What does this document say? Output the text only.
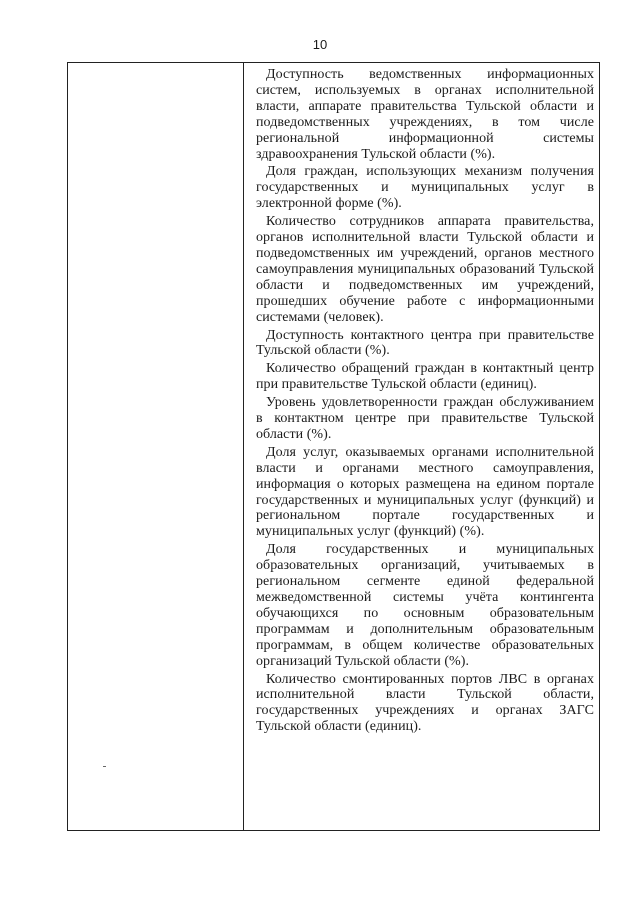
10

Доступность ведомственных информационных систем, используемых в органах исполнительной власти, аппарате правительства Тульской области и подведомственных учреждениях, в том числе региональной информационной системы здравоохранения Тульской области (%).

Доля граждан, использующих механизм получения государственных и муниципальных услуг в электронной форме (%).

Количество сотрудников аппарата правительства, органов исполнительной власти Тульской области и подведомственных им учреждений, органов местного самоуправления муниципальных образований Тульской области и подведомственных им учреждений, прошедших обучение работе с информационными системами (человек).

Доступность контактного центра при правительстве Тульской области (%).

Количество обращений граждан в контактный центр при правительстве Тульской области (единиц).

Уровень удовлетворенности граждан обслуживанием в контактном центре при правительстве Тульской области (%).

Доля услуг, оказываемых органами исполнительной власти и органами местного самоуправления, информация о которых размещена на едином портале государственных и муниципальных услуг (функций) и региональном портале государственных и муниципальных услуг (функций) (%).

Доля государственных и муниципальных образовательных организаций, учитываемых в региональном сегменте единой федеральной межведомственной системы учёта контингента обучающихся по основным образовательным программам и дополнительным образовательным программам, в общем количестве образовательных организаций Тульской области (%).

Количество смонтированных портов ЛВС в органах исполнительной власти Тульской области, государственных учреждениях и органах ЗАГС Тульской области (единиц).
